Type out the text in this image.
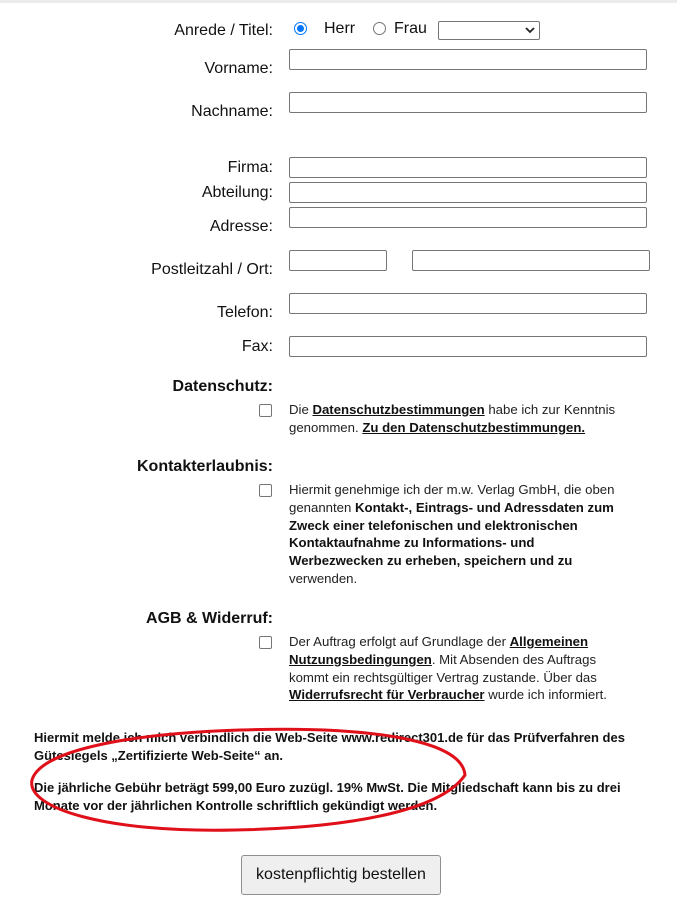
Anrede / Titel:	Herr Frau
Vorname:
Nachname:
Firma:
Abteilung:
Adresse:
Postleitzahl / Ort:
Telefon:
Fax:
Datenschutz:
Die Datenschutzbestimmungen habe ich zur Kenntnis genommen. Zu den Datenschutzbestimmungen.
Kontakterlaubnis:
Hiermit genehmige ich der m.w. Verlag GmbH, die oben genannten Kontakt-, Eintrags- und Adressdaten zum Zweck einer telefonischen und elektronischen Kontaktaufnahme zu Informations- und Werbezwecken zu erheben, speichern und zu verwenden.
AGB & Widerruf:
Der Auftrag erfolgt auf Grundlage der Allgemeinen Nutzungsbedingungen. Mit Absenden des Auftrags kommt ein rechtsgültiger Vertrag zustande. Über das Widerrufsrecht für Verbraucher wurde ich informiert.
Hiermit melde ich mich verbindlich die Web-Seite www.redirect301.de für das Prüfverfahren des Gütesiegels „Zertifizierte Web-Seite“ an.
Die jährliche Gebühr beträgt 599,00 Euro zuzügl. 19% MwSt. Die Mitgliedschaft kann bis zu drei Monate vor der jährlichen Kontrolle schriftlich gekündigt werden.
kostenpflichtig bestellen
